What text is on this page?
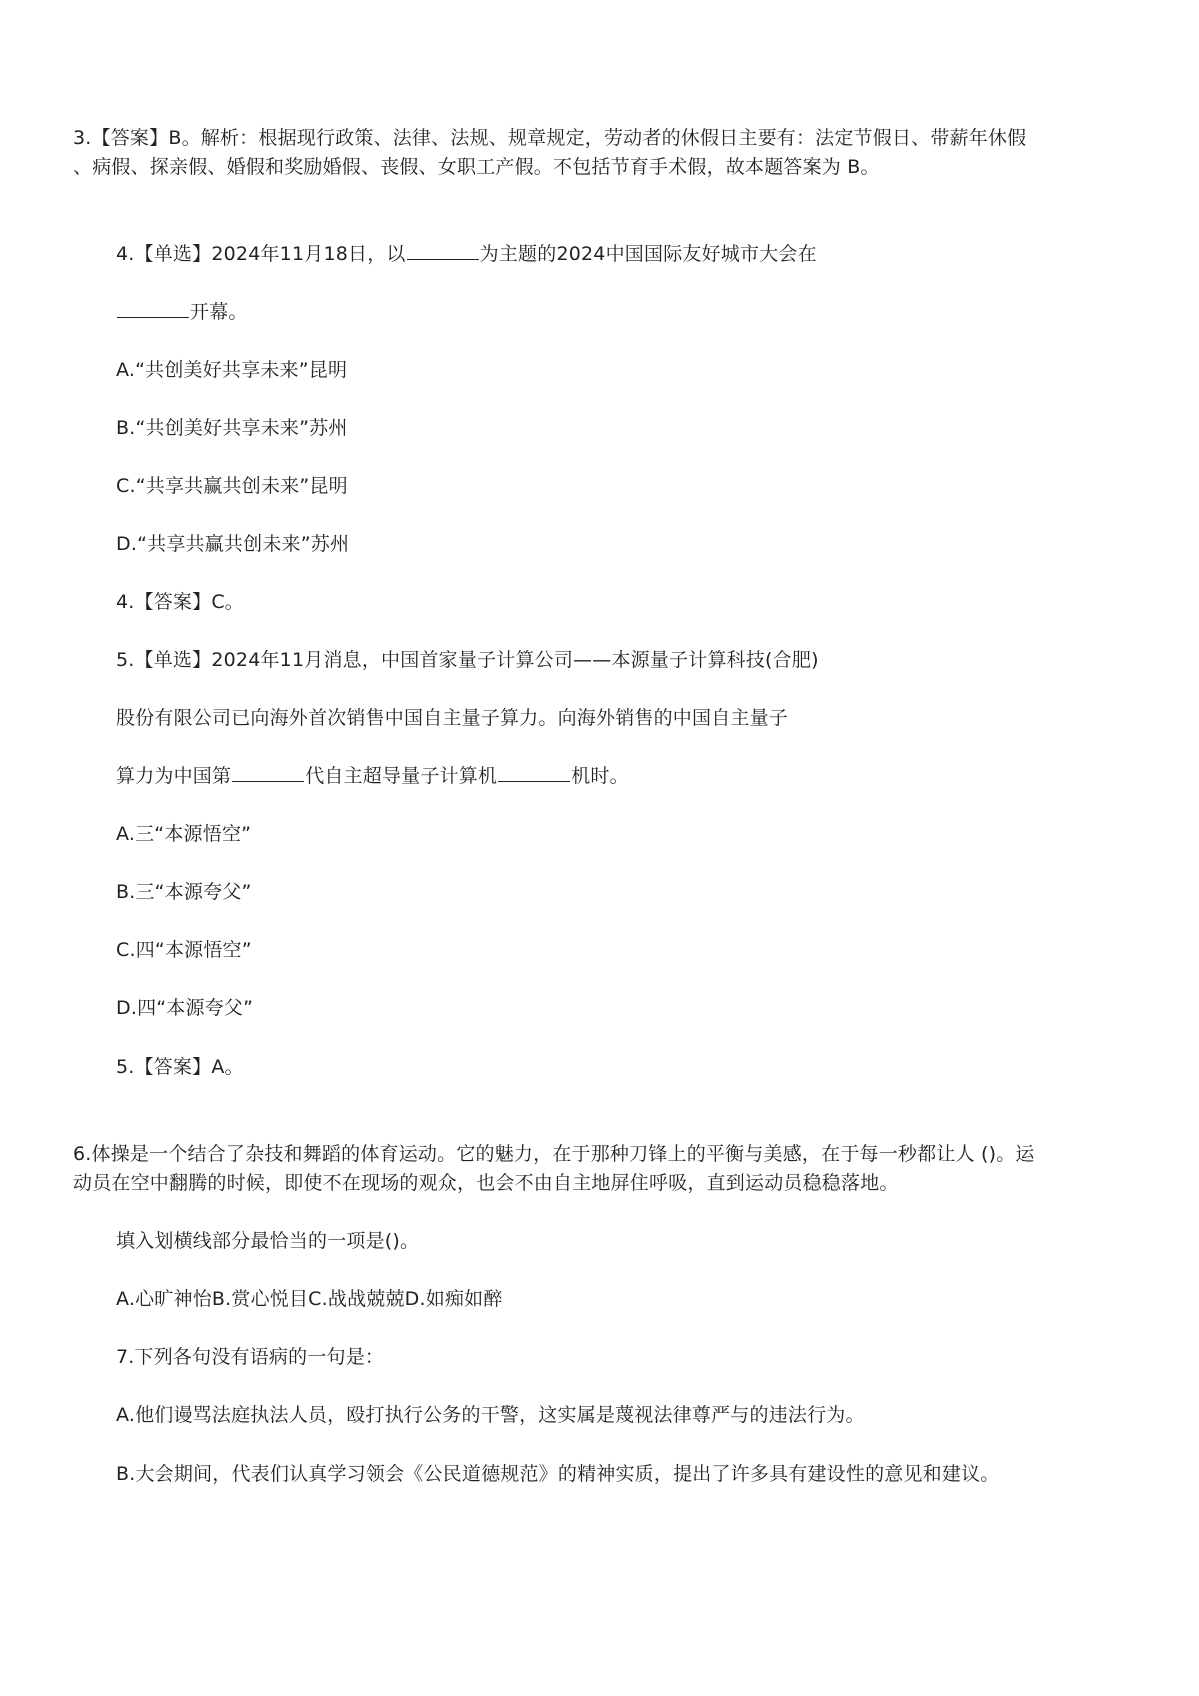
3.【答案】B。解析：根据现行政策、法律、法规、规章规定，劳动者的休假日主要有：法定节假日、带薪年休假
、病假、探亲假、婚假和奖励婚假、丧假、女职工产假。不包括节育手术假，故本题答案为 B。
4.【单选】2024年11月18日，以	为主题的2024中国国际友好城市大会在
开幕。
A.“共创美好共享未来”昆明
B.“共创美好共享未来”苏州
C.“共享共赢共创未来”昆明
D.“共享共赢共创未来”苏州
4.【答案】C。
5.【单选】2024年11月消息，中国首家量子计算公司——本源量子计算科技(合肥)
股份有限公司已向海外首次销售中国自主量子算力。向海外销售的中国自主量子
算力为中国第	代自主超导量子计算机	机时。
A.三“本源悟空”
B.三“本源夸父”
C.四“本源悟空”
D.四“本源夸父”
5.【答案】A。
6.体操是一个结合了杂技和舞蹈的体育运动。它的魅力，在于那种刀锋上的平衡与美感，在于每一秒都让人 ()。运
动员在空中翻腾的时候，即使不在现场的观众，也会不由自主地屏住呼吸，直到运动员稳稳落地。
填入划横线部分最恰当的一项是()。
A.心旷神怡B.赏心悦目C.战战兢兢D.如痴如醉
7.下列各句没有语病的一句是：
A.他们谩骂法庭执法人员，殴打执行公务的干警，这实属是蔑视法律尊严与的违法行为。
B.大会期间，代表们认真学习领会《公民道德规范》的精神实质，提出了许多具有建设性的意见和建议。
